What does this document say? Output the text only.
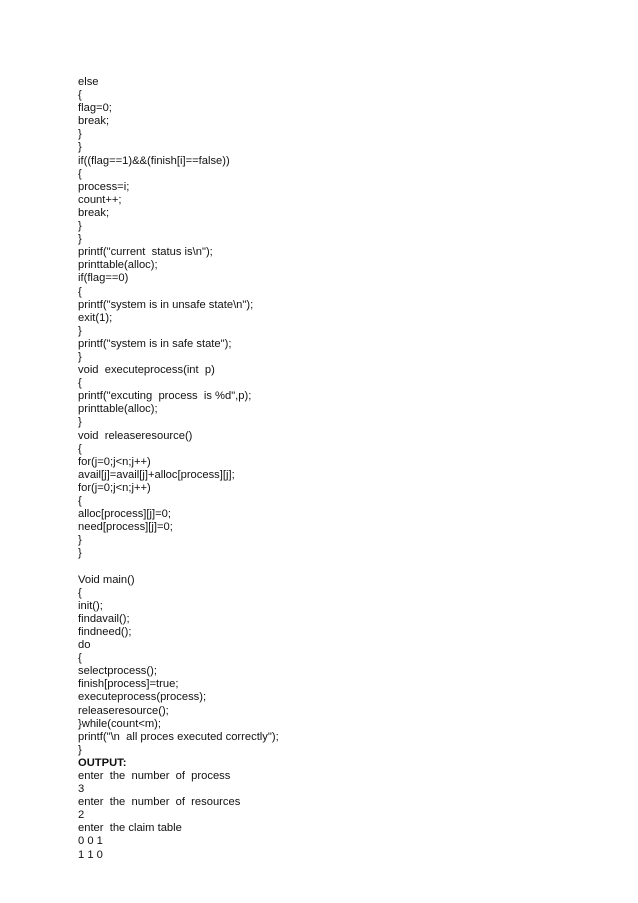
else
{
flag=0;
break;
}
}
if((flag==1)&&(finish[i]==false))
{
process=i;
count++;
break;
}
}
printf("current  status is\n");
printtable(alloc);
if(flag==0)
{
printf("system is in unsafe state\n");
exit(1);
}
printf("system is in safe state");
}
void  executeprocess(int  p)
{
printf("excuting  process  is %d",p);
printtable(alloc);
}
void  releaseresource()
{
for(j=0;j<n;j++)
avail[j]=avail[j]+alloc[process][j];
for(j=0;j<n;j++)
{
alloc[process][j]=0;
need[process][j]=0;
}
}
Void main()
{
init();
findavail();
findneed();
do
{
selectprocess();
finish[process]=true;
executeprocess(process);
releaseresource();
}while(count<m);
printf("\n  all proces executed correctly");
}
OUTPUT:
enter  the  number  of  process
3
enter  the  number  of  resources
2
enter  the claim table
0 0 1
1 1 0
